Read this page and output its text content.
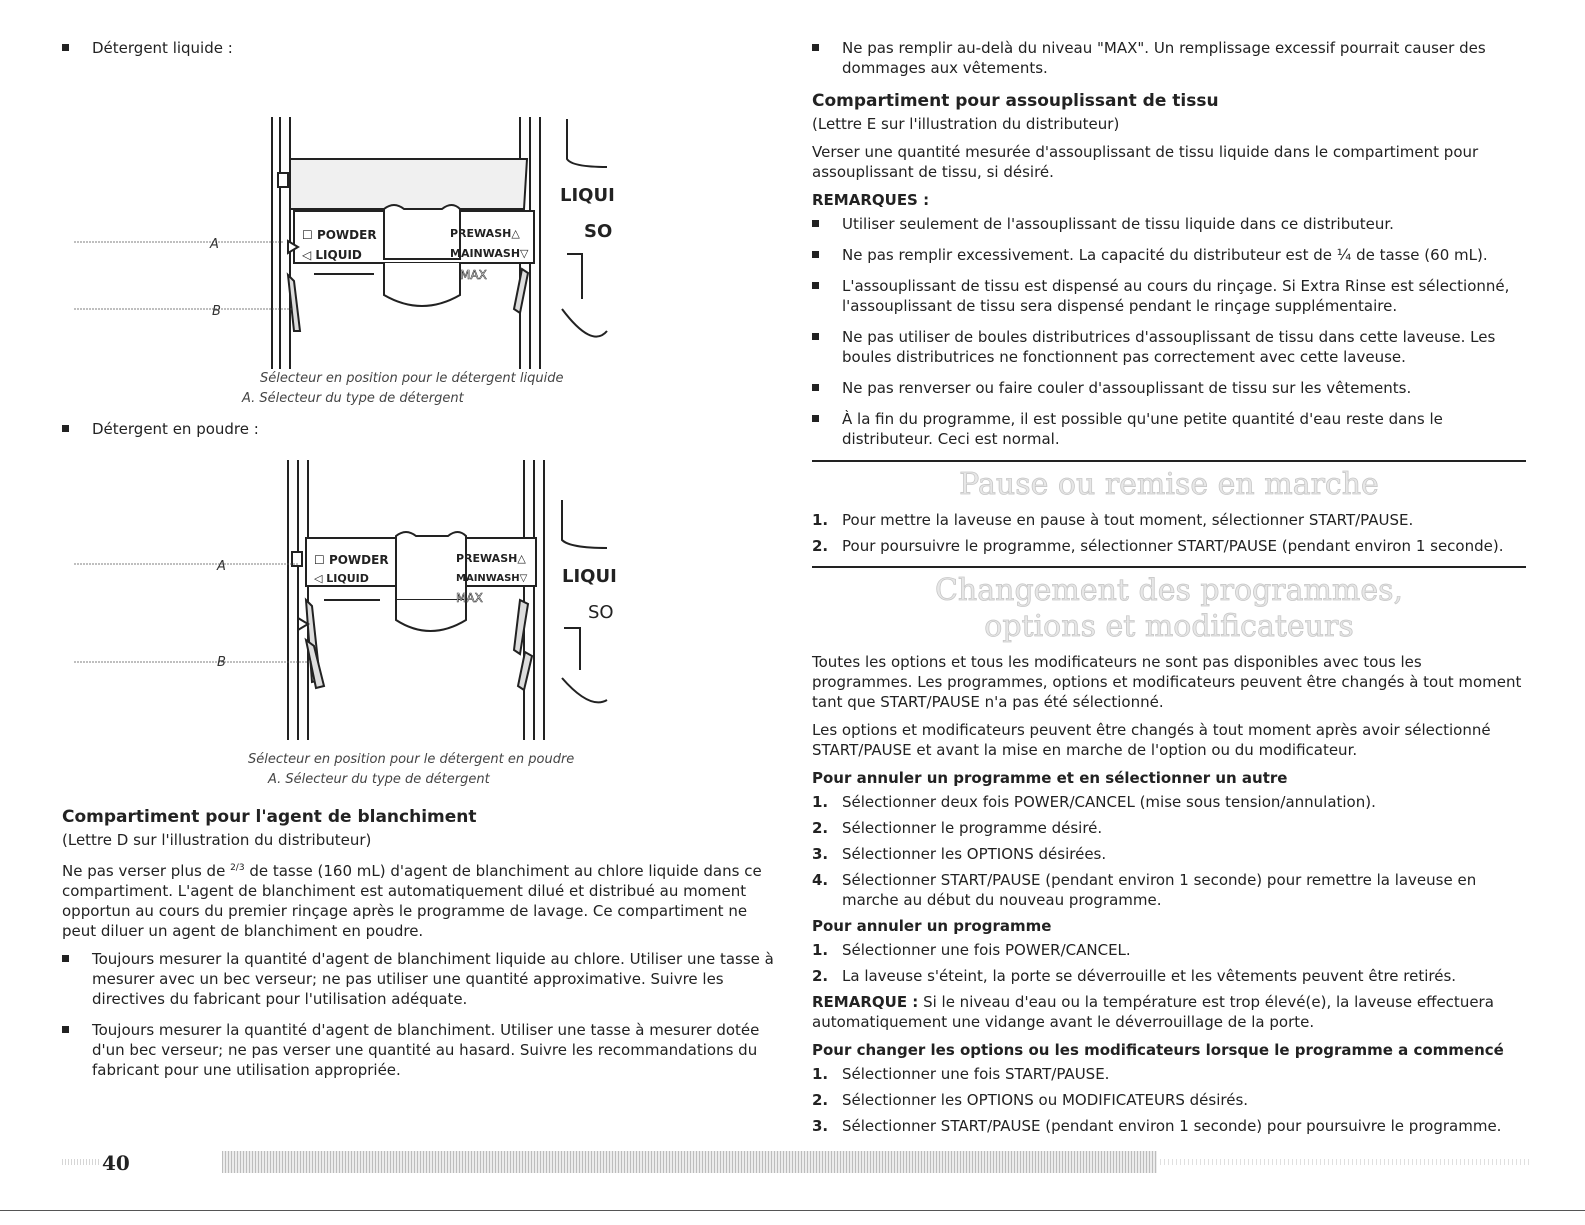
Détergent liquide :
A
B
☐ POWDER
◁ LIQUID
PREWASH△
MAINWASH▽
MAX
LIQUI
SO
Sélecteur en position pour le détergent liquide
A. Sélecteur du type de détergent
Détergent en poudre :
A
B
☐ POWDER
◁ LIQUID
PREWASH△
MAINWASH▽
MAX
LIQUI
SO
Sélecteur en position pour le détergent en poudre
A. Sélecteur du type de détergent
Compartiment pour l'agent de blanchiment
(Lettre D sur l'illustration du distributeur)
Ne pas verser plus de $^{2/3}$ de tasse (160 mL) d'agent de blanchiment au chlore liquide dans ce compartiment. L'agent de blanchiment est automatiquement dilué et distribué au moment opportun au cours du premier rinçage après le programme de lavage. Ce compartiment ne peut diluer un agent de blanchiment en poudre.
Toujours mesurer la quantité d'agent de blanchiment liquide au chlore. Utiliser une tasse à mesurer avec un bec verseur; ne pas utiliser une quantité approximative. Suivre les directives du fabricant pour l'utilisation adéquate.
Toujours mesurer la quantité d'agent de blanchiment. Utiliser une tasse à mesurer dotée d'un bec verseur; ne pas verser une quantité au hasard. Suivre les recommandations du fabricant pour une utilisation appropriée.
Ne pas remplir au-delà du niveau "MAX". Un remplissage excessif pourrait causer des dommages aux vêtements.
Compartiment pour assouplissant de tissu
(Lettre E sur l'illustration du distributeur)
Verser une quantité mesurée d'assouplissant de tissu liquide dans le compartiment pour assouplissant de tissu, si désiré.
REMARQUES :
Utiliser seulement de l'assouplissant de tissu liquide dans ce distributeur.
Ne pas remplir excessivement. La capacité du distributeur est de ¼ de tasse (60 mL).
L'assouplissant de tissu est dispensé au cours du rinçage. Si Extra Rinse est sélectionné, l'assouplissant de tissu sera dispensé pendant le rinçage supplémentaire.
Ne pas utiliser de boules distributrices d'assouplissant de tissu dans cette laveuse. Les boules distributrices ne fonctionnent pas correctement avec cette laveuse.
Ne pas renverser ou faire couler d'assouplissant de tissu sur les vêtements.
À la fin du programme, il est possible qu'une petite quantité d'eau reste dans le distributeur. Ceci est normal.
Pause ou remise en marche
1. Pour mettre la laveuse en pause à tout moment, sélectionner START/PAUSE.
2. Pour poursuivre le programme, sélectionner START/PAUSE (pendant environ 1 seconde).
Changement des programmes,
options et modificateurs
Toutes les options et tous les modificateurs ne sont pas disponibles avec tous les programmes. Les programmes, options et modificateurs peuvent être changés à tout moment tant que START/PAUSE n'a pas été sélectionné.
Les options et modificateurs peuvent être changés à tout moment après avoir sélectionné START/PAUSE et avant la mise en marche de l'option ou du modificateur.
Pour annuler un programme et en sélectionner un autre
1. Sélectionner deux fois POWER/CANCEL (mise sous tension/annulation).
2. Sélectionner le programme désiré.
3. Sélectionner les OPTIONS désirées.
4. Sélectionner START/PAUSE (pendant environ 1 seconde) pour remettre la laveuse en marche au début du nouveau programme.
Pour annuler un programme
1. Sélectionner une fois POWER/CANCEL.
2. La laveuse s'éteint, la porte se déverrouille et les vêtements peuvent être retirés.
REMARQUE : Si le niveau d'eau ou la température est trop élevé(e), la laveuse effectuera automatiquement une vidange avant le déverrouillage de la porte.
Pour changer les options ou les modificateurs lorsque le programme a commencé
1. Sélectionner une fois START/PAUSE.
2. Sélectionner les OPTIONS ou MODIFICATEURS désirés.
3. Sélectionner START/PAUSE (pendant environ 1 seconde) pour poursuivre le programme.
40
